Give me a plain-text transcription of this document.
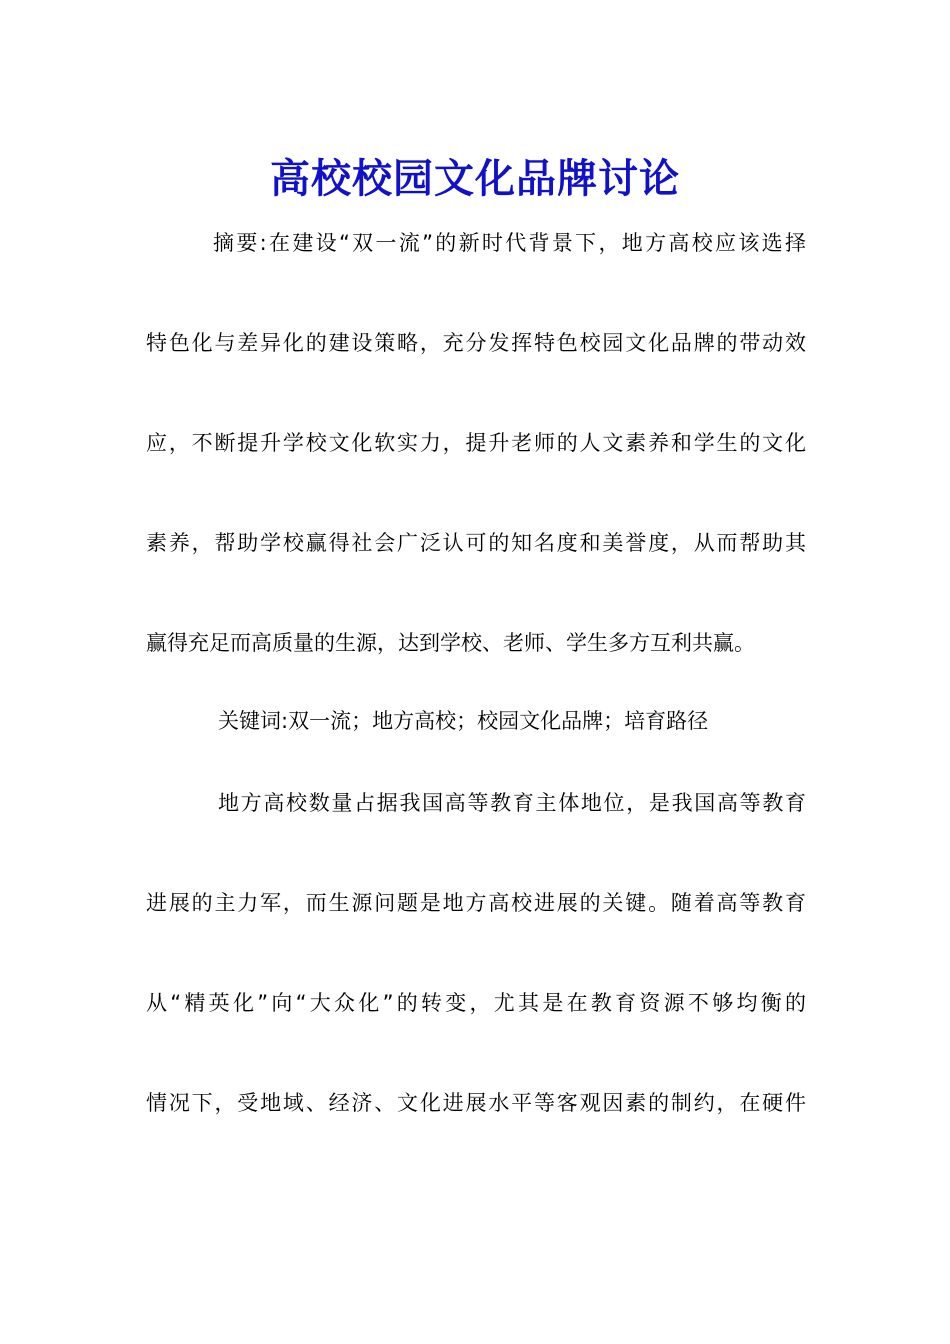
高校校园文化品牌讨论
摘要:在建设“双一流”的新时代背景下，地方高校应该选择
特色化与差异化的建设策略，充分发挥特色校园文化品牌的带动效
应，不断提升学校文化软实力，提升老师的人文素养和学生的文化
素养，帮助学校赢得社会广泛认可的知名度和美誉度，从而帮助其
赢得充足而高质量的生源，达到学校、老师、学生多方互利共赢。
关键词:双一流；地方高校；校园文化品牌；培育路径
地方高校数量占据我国高等教育主体地位，是我国高等教育
进展的主力军，而生源问题是地方高校进展的关键。随着高等教育
从“精英化”向“大众化”的转变，尤其是在教育资源不够均衡的
情况下，受地域、经济、文化进展水平等客观因素的制约，在硬件
